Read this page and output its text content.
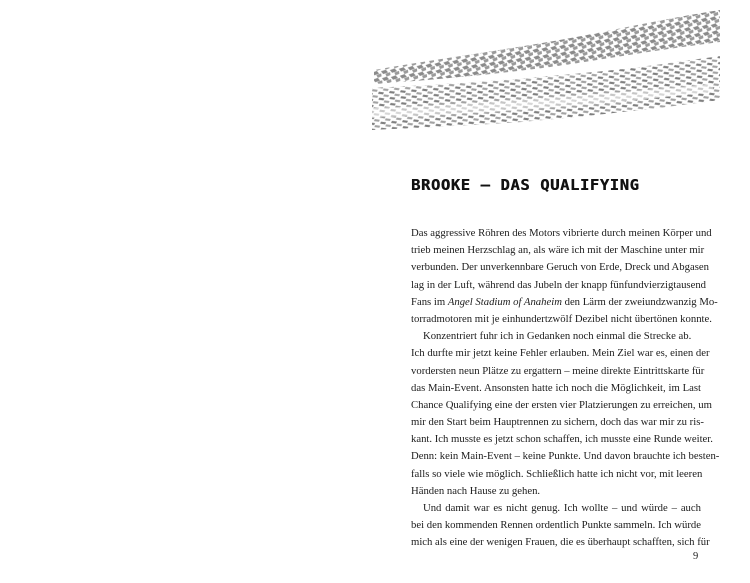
BROOKE – DAS QUALIFYING

Das aggressive Röhren des Motors vibrierte durch meinen Körper und
trieb meinen Herzschlag an, als wäre ich mit der Maschine unter mir
verbunden. Der unverkennbare Geruch von Erde, Dreck und Abgasen
lag in der Luft, während das Jubeln der knapp fünfundvierzigtausend
Fans im Angel Stadium of Anaheim den Lärm der zweiundzwanzig Mo-
torradmotoren mit je einhundertzwölf Dezibel nicht übertönen konnte.

Konzentriert fuhr ich in Gedanken noch einmal die Strecke ab.
Ich durfte mir jetzt keine Fehler erlauben. Mein Ziel war es, einen der
vordersten neun Plätze zu ergattern – meine direkte Eintrittskarte für
das Main-Event. Ansonsten hatte ich noch die Möglichkeit, im Last
Chance Qualifying eine der ersten vier Platzierungen zu erreichen, um
mir den Start beim Hauptrennen zu sichern, doch das war mir zu ris-
kant. Ich musste es jetzt schon schaffen, ich musste eine Runde weiter.
Denn: kein Main-Event – keine Punkte. Und davon brauchte ich besten-
falls so viele wie möglich. Schließlich hatte ich nicht vor, mit leeren
Händen nach Hause zu gehen.

Und damit war es nicht genug. Ich wollte – und würde – auch
bei den kommenden Rennen ordentlich Punkte sammeln. Ich würde
mich als eine der wenigen Frauen, die es überhaupt schafften, sich für

9
